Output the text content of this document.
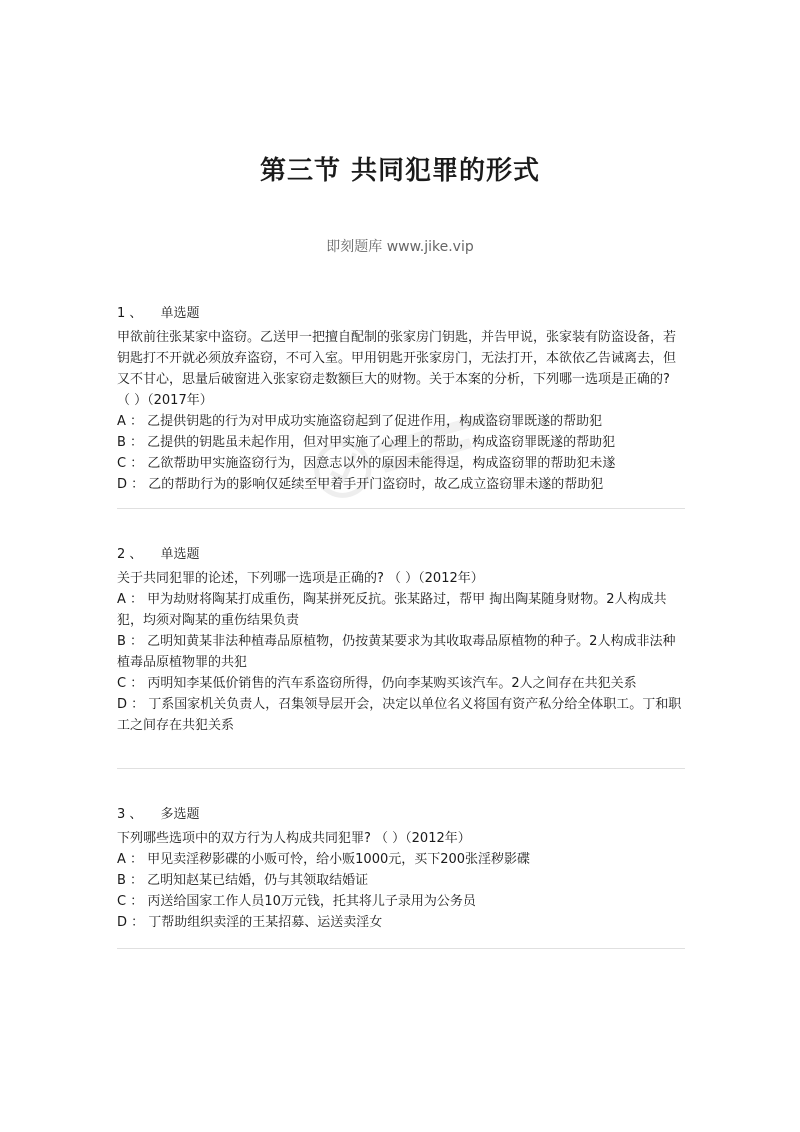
第三节 共同犯罪的形式
即刻题库 www.jike.vip
1 、 单选题
甲欲前往张某家中盗窃。乙送甲一把擅自配制的张家房门钥匙，并告甲说，张家装有防盗设备，若钥匙打不开就必须放弃盗窃，不可入室。甲用钥匙开张家房门，无法打开，本欲依乙告诫离去，但又不甘心，思量后破窗进入张家窃走数额巨大的财物。关于本案的分析，下列哪一选项是正确的? （ ）（2017年）
A ： 乙提供钥匙的行为对甲成功实施盗窃起到了促进作用，构成盗窃罪既遂的帮助犯
B ： 乙提供的钥匙虽未起作用，但对甲实施了心理上的帮助，构成盗窃罪既遂的帮助犯
C ： 乙欲帮助甲实施盗窃行为，因意志以外的原因未能得逞，构成盗窃罪的帮助犯未遂
D ： 乙的帮助行为的影响仅延续至甲着手开门盗窃时，故乙成立盗窃罪未遂的帮助犯
2 、 单选题
关于共同犯罪的论述，下列哪一选项是正确的? （ ）（2012年）
A ： 甲为劫财将陶某打成重伤，陶某拼死反抗。张某路过，帮甲 掏出陶某随身财物。2人构成共犯，均须对陶某的重伤结果负责
B ： 乙明知黄某非法种植毒品原植物，仍按黄某要求为其收取毒品原植物的种子。2人构成非法种植毒品原植物罪的共犯
C ： 丙明知李某低价销售的汽车系盗窃所得，仍向李某购买该汽车。2人之间存在共犯关系
D ： 丁系国家机关负责人，召集领导层开会，决定以单位名义将国有资产私分给全体职工。丁和职工之间存在共犯关系
3 、 多选题
下列哪些选项中的双方行为人构成共同犯罪? （ ）（2012年）
A ： 甲见卖淫秽影碟的小贩可怜，给小贩1000元，买下200张淫秽影碟
B ： 乙明知赵某已结婚，仍与其领取结婚证
C ： 丙送给国家工作人员10万元钱，托其将儿子录用为公务员
D ： 丁帮助组织卖淫的王某招募、运送卖淫女
